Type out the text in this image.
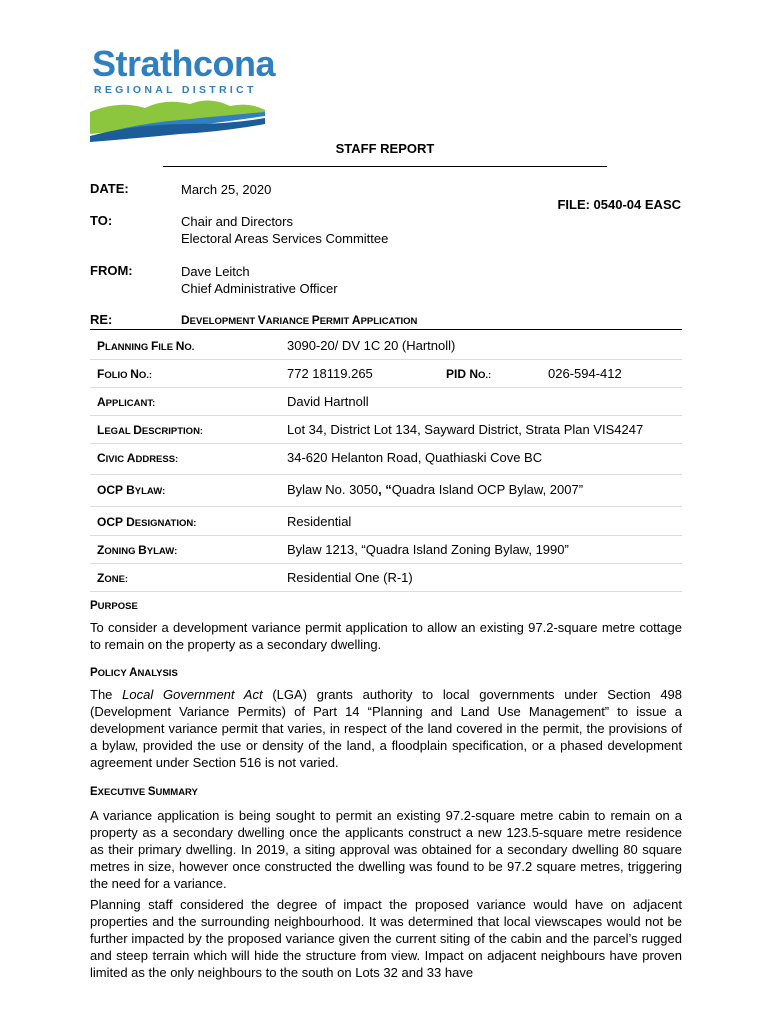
Strathcona
REGIONAL DISTRICT
STAFF REPORT
DATE:	March 25, 2020
FILE: 0540-04 EASC
TO:	Chair and Directors
Electoral Areas Services Committee
FROM:	Dave Leitch
Chief Administrative Officer
RE:	DEVELOPMENT VARIANCE PERMIT APPLICATION
PLANNING FILE NO.	3090-20/ DV 1C 20 (Hartnoll)
FOLIO NO.:	772 18119.265	PID NO.:	026-594-412
APPLICANT:	David Hartnoll
LEGAL DESCRIPTION:	Lot 34, District Lot 134, Sayward District, Strata Plan VIS4247
CIVIC ADDRESS:	34-620 Helanton Road, Quathiaski Cove BC
OCP BYLAW:	Bylaw No. 3050, “Quadra Island OCP Bylaw, 2007”
OCP DESIGNATION:	Residential
ZONING BYLAW:	Bylaw 1213, “Quadra Island Zoning Bylaw, 1990”
ZONE:	Residential One (R-1)
PURPOSE
To consider a development variance permit application to allow an existing 97.2-square metre cottage to remain on the property as a secondary dwelling.
POLICY ANALYSIS
The Local Government Act (LGA) grants authority to local governments under Section 498 (Development Variance Permits) of Part 14 “Planning and Land Use Management” to issue a development variance permit that varies, in respect of the land covered in the permit, the provisions of a bylaw, provided the use or density of the land, a floodplain specification, or a phased development agreement under Section 516 is not varied.
EXECUTIVE SUMMARY
A variance application is being sought to permit an existing 97.2-square metre cabin to remain on a property as a secondary dwelling once the applicants construct a new 123.5-square metre residence as their primary dwelling. In 2019, a siting approval was obtained for a secondary dwelling 80 square metres in size, however once constructed the dwelling was found to be 97.2 square metres, triggering the need for a variance.
Planning staff considered the degree of impact the proposed variance would have on adjacent properties and the surrounding neighbourhood. It was determined that local viewscapes would not be further impacted by the proposed variance given the current siting of the cabin and the parcel’s rugged and steep terrain which will hide the structure from view. Impact on adjacent neighbours have proven limited as the only neighbours to the south on Lots 32 and 33 have
